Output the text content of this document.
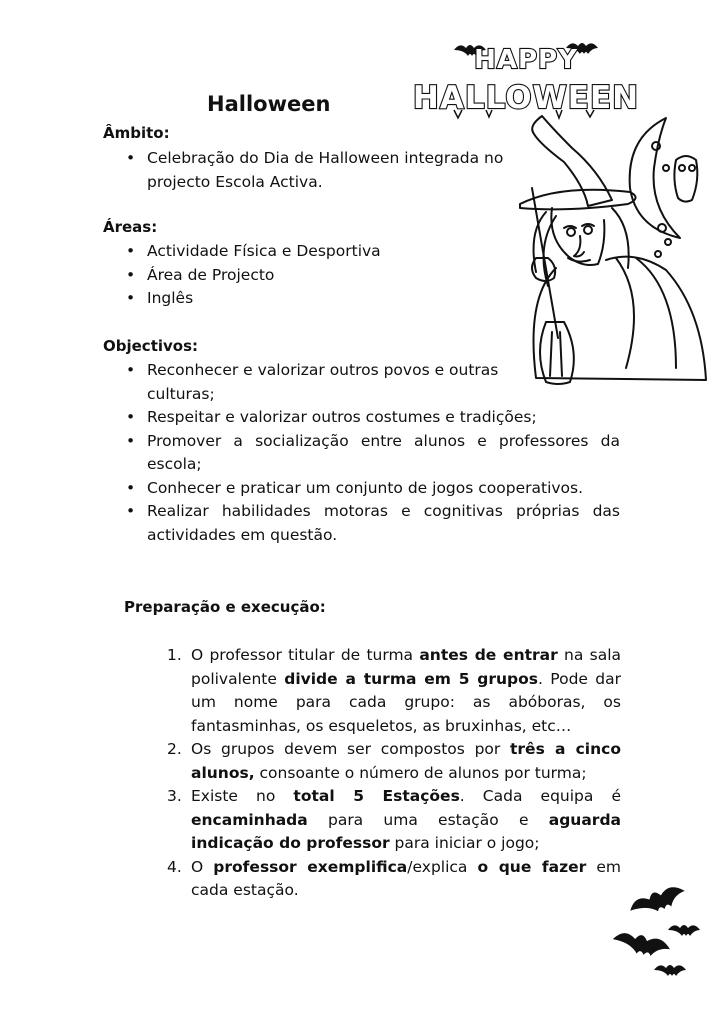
Halloween
HAPPY
HALLOWEEN
Âmbito:
• Celebração do Dia de Halloween integrada no projecto Escola Activa.
Áreas:
• Actividade Física e Desportiva
• Área de Projecto
• Inglês
Objectivos:
• Reconhecer e valorizar outros povos e outras culturas;
• Respeitar e valorizar outros costumes e tradições;
• Promover a socialização entre alunos e professores da escola;
• Conhecer e praticar um conjunto de jogos cooperativos.
• Realizar habilidades motoras e cognitivas próprias das actividades em questão.
Preparação e execução:
1. O professor titular de turma antes de entrar na sala polivalente divide a turma em 5 grupos. Pode dar um nome para cada grupo: as abóboras, os fantasminhas, os esqueletos, as bruxinhas, etc…
2. Os grupos devem ser compostos por três a cinco alunos, consoante o número de alunos por turma;
3. Existe no total 5 Estações. Cada equipa é encaminhada para uma estação e aguarda indicação do professor para iniciar o jogo;
4. O professor exemplifica/explica o que fazer em cada estação.
